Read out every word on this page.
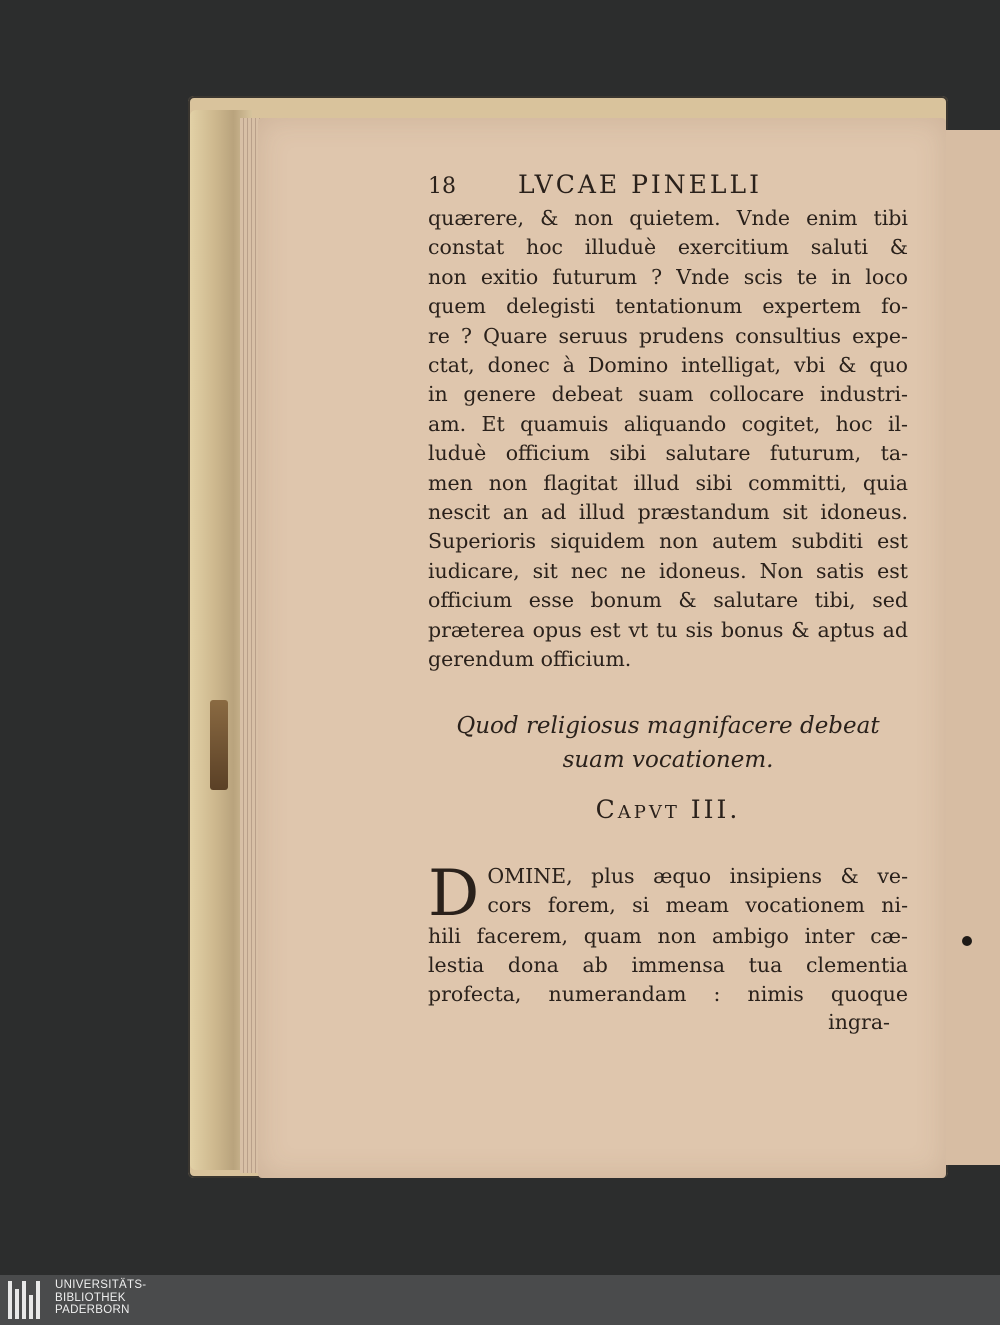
18	LVCAE PINELLI

quærere, & non quietem. Vnde enim tibi
constat hoc illuduè exercitium saluti &
non exitio futurum ? Vnde scis te in loco
quem delegisti tentationum expertem fo-
re ? Quare seruus prudens consultius expe-
ctat, donec à Domino intelligat, vbi & quo
in genere debeat suam collocare industri-
am. Et quamuis aliquando cogitet, hoc il-
luduè officium sibi salutare futurum, ta-
men non flagitat illud sibi committi, quia
nescit an ad illud præstandum sit idoneus.
Superioris siquidem non autem subditi est
iudicare, sit nec ne idoneus. Non satis est
officium esse bonum & salutare tibi, sed
præterea opus est vt tu sis bonus & aptus ad
gerendum officium.

Quod religiosus magnifacere debeat
suam vocationem.
Capvt III.
D OMINE, plus æquo insipiens & ve-
cors forem, si meam vocationem ni-
hili facerem, quam non ambigo inter cæ-
lestia dona ab immensa tua clementia
profecta, numerandam : nimis quoque

ingra-
UNIVERSITÄTS-
BIBLIOTHEK
PADERBORN
